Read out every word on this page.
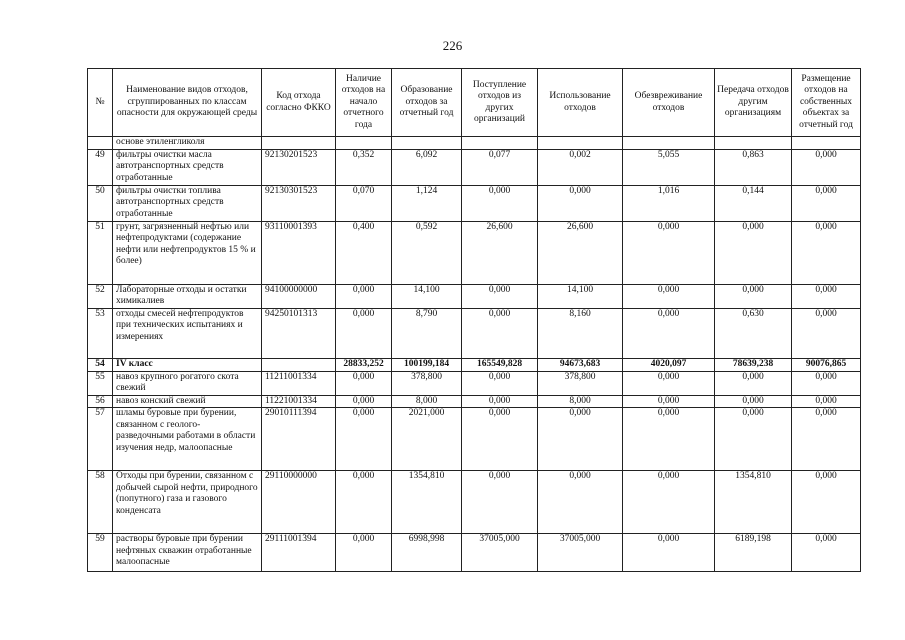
226
№	Наименование видов отходов, сгруппированных по классам опасности для окружающей среды	Код отхода согласно ФККО	Наличие отходов на начало отчетного года	Образование отходов за отчетный год	Поступление отходов из других организаций	Использование отходов	Обезвреживание отходов	Передача отходов другим организациям	Размещение отходов на собственных объектах за отчетный год
	основе этиленгликоля								
49	фильтры очистки масла автотранспортных средств отработанные	92130201523	0,352	6,092	0,077	0,002	5,055	0,863	0,000
50	фильтры очистки топлива автотранспортных средств отработанные	92130301523	0,070	1,124	0,000	0,000	1,016	0,144	0,000
51	грунт, загрязненный нефтью или нефтепродуктами (содержание нефти или нефтепродуктов 15 % и более)	93110001393	0,400	0,592	26,600	26,600	0,000	0,000	0,000
52	Лабораторные отходы и остатки химикалиев	94100000000	0,000	14,100	0,000	14,100	0,000	0,000	0,000
53	отходы смесей нефтепродуктов при технических испытаниях и измерениях	94250101313	0,000	8,790	0,000	8,160	0,000	0,630	0,000
54	IV класс		28833,252	100199,184	165549,828	94673,683	4020,097	78639,238	90076,865
55	навоз крупного рогатого скота свежий	11211001334	0,000	378,800	0,000	378,800	0,000	0,000	0,000
56	навоз конский свежий	11221001334	0,000	8,000	0,000	8,000	0,000	0,000	0,000
57	шламы буровые при бурении, связанном с геолого-разведочными работами в области изучения недр, малоопасные	29010111394	0,000	2021,000	0,000	0,000	0,000	0,000	0,000
58	Отходы при бурении, связанном с добычей сырой нефти, природного (попутного) газа и газового конденсата	29110000000	0,000	1354,810	0,000	0,000	0,000	1354,810	0,000
59	растворы буровые при бурении нефтяных скважин отработанные малоопасные	29111001394	0,000	6998,998	37005,000	37005,000	0,000	6189,198	0,000
